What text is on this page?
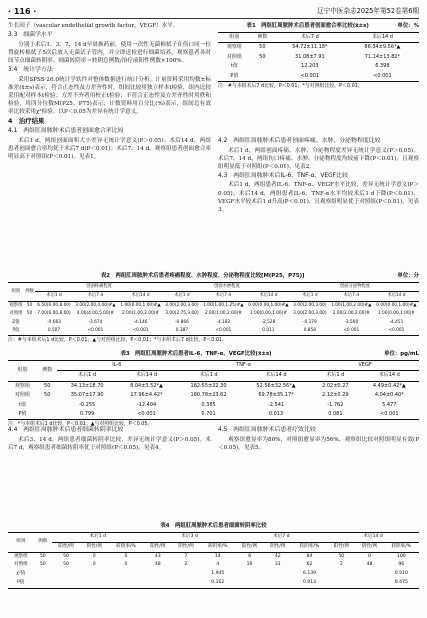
· 116 ·	辽宁中医杂志2025年第52卷第6期

生长因子（vascular endothelial growth factor，VEGF）水平。

3.3　细菌学水平

分别于术后1、3、7、14 d早晨换药前，使用一次性无菌棉拭子在伤口同一位置旋转棉拭子5次后放入无菌试子管内，并立即送检进行细菌培养，观察患者各时间节点细菌转阴率。细菌转阴率＝转阴总例数/治疗前阳性例数×100%。

3.4　统计学方法

采用SPSS 26.0统计学软件对整体数据进行统计分析。计量资料采用均数±标准差(x̄±s)表示，符合正态性及方差齐性时，组间比较用独立样本t检验，组内比较采用配对样本t检验；方差不齐者用校正t检验；不符合正态性及方差齐性时用秩和检验，用四分位数M(P25，P75)表示；计数资料用百分比(%)表示，组间总有效率比较采用χ²检验。以P＜0.05为差异有统计学意义。

4　治疗结果
4.1　两组肛周脓肿术后患者创面愈合率比较

术后1 d，两组创面面积大小差异无统计学意义(P＞0.05)；术后14 d，两组患者创面愈合率均优于术后7 d(P＜0.01)；术后7、14 d，观察组患者创面愈合率明显高于对照组(P＜0.01)。见表1。

表1　两组肛周脓肿术后患者创面愈合率比较(x̄±s)	单位：%
组别	例数	术后7 d	术后14 d
观察组	50	54.72±11.18*	86.34±9.56*▲
对照组	50	31.08±7.91	71.14±13.82*
t值		12.203	6.398
P值		<0.001	<0.001
注：#与本组术后7 d比较，P＜0.01；*与对照组比较，P＜0.01。
4.2　两组肛周脓肿术后患者创面疼痛、水肿、分泌物程度比较

术后1 d，两组创面疼痛、水肿、分泌物程度差异无统计学意义(P＞0.05)。术后7、14 d，两组伤口疼痛、水肿、分泌物程度均较前下降(P＜0.01)，且观察组明显低于对照组(P＜0.01)。见表2。

4.3　两组肛周脓肿术后IL-6、TNF-α、VEGF比较

术后1 d，两组患者IL-6、TNF-α、VEGF水平比较，差异无统计学意义(P＞0.05)。术后14 d，两组患者IL-6、TNF-α水平均较术后1 d下降(P＜0.01)，VEGF水平较术后1 d升高(P＜0.01)，且观察组明显优于对照组(P＜0.01)。见表3。

表2　两组肛周脓肿术后患者疼痛程度、水肿程度、分泌物程度比较[M(P25，P75)]	单位：分
组别	例数	创面疼痛程度			创面水肿程度			创面分泌物程度		
		术后1 d	术后7 d	术后14 d	术后1 d	术后7 d	术后14 d	术后1 d	术后7 d	术后14 d
观察组	50	6.50(6.00,8.00)	3.00(2.00,4.00)#▲	1.00(0.00,1.00)#▲	3.00(2.00,3.00)	1.00(1.00,1.25)#▲	0.00(0.00,1.00)#▲	3.00(2.00,3.00)	1.00(1.00,2.00)#▲	0.00(0.00,1.00)#▲
对照组	50	7.00(6.00,8.00)	4.00(4.00,5.00)#	2.00(1.00,2.00)#	3.00(2.75,3.00)	2.00(1.00,2.00)#	1.00(0.00,1.00)#	3.00(2.00,3.00)	2.00(2.00,2.00)#	1.00(0.00,1.00)#
Z值		-0.663	-3.674	-4.146	-0.866	-4.182	-2.528	-0.179	-3.500	-4.451
P值		0.507	<0.001	<0.001	0.387	<0.001	0.011	0.858	<0.001	<0.001
注：#与本组术后1 d比较，P＜0.01；▲与对照组比较，P＜0.01；*与本组术后7 d比较，P＜0.01。
表3　两组肛周脓肿术后患者IL-6、TNF-α、VEGF比较(x̄±s)	单位：pg/mL
组别	例数	IL-6		TNF-α		VEGF	
		术后1 d	术后14 d	术后1 d	术后14 d	术后1 d	术后14 d
观察组	50	34.13±18.70	8.04±3.52*▲	182.55±22.30	52.56±32.56*▲	2.02±0.27	4.49±0.42*▲
对照组	50	35.07±17.90	17.96±4.42*	180.78±23.62	69.78±35.17*	2.12±0.29	4.04±0.40*
t值		-0.255	-12.404	0.385	-2.541	-1.762	5.477
P值		0.799	<0.001	0.701	0.013	0.081	<0.001
注：*与本组术后1 d比较，P＜0.01；▲与对照组比较，P＜0.05。
4.4　两组肛周脓肿术后患者细菌转阴率比较

术后3、14 d，两组患者细菌转阴率比较，差异无统计学意义(P＞0.05)。术后7 d，观察组患者细菌转阴率优于对照组(P＜0.05)。见表4。

4.5　两组肛周脓肿术后患者疗效比较

观察组愈显率为80%，对照组愈显率为56%，观察组比较对照组明显有效(P＜0.05)。见表5。

表4　两组肛周脓肿术后患者细菌转阴率比较
组别	例数	术后1 d			术后3 d			术后7 d			术后14 d		
		阳性/例	阴性/例	转阴率/%	阳性/例	阴性/例	转阴率/%	阳性/例	阴性/例	转阴率/%	阳性/例	阴性/例	转阴率/%
观察组	50	50	0	0	43	7	14	8	42	84	50	0	100
对照组	50	50	0	0	48	2	4	19	31	62	2	48	96
χ²值							1.945			6.139			0.510
P值							0.162			0.013			0.475
